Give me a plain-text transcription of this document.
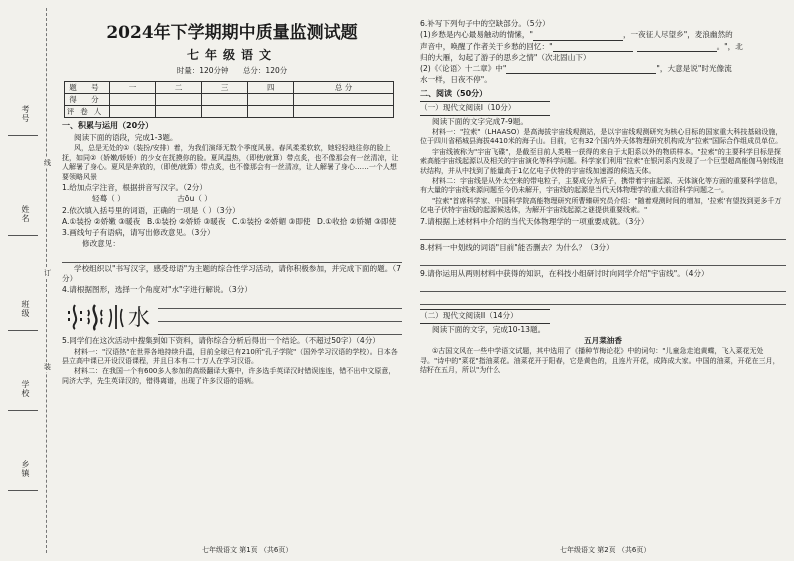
考号
姓名
班级
学校
乡镇
线
订
装
2024年下学期期中质量监测试题
七年级语文
时量：120分钟 总分：120分
题 号	一	二	三	四	总 分
得 分					
评卷人					
一、积累与运用（20分）
阅读下面的语段，完成1-3题。
风，总是无处的①（装扮/安排）着，为我们演绎无数个季度风景。春风柔柔软软，她轻轻地往你的脸上抚，如同②（娇嫩/娇娇）的少女在抚摸你的脸。夏风温热，（即使/就算）带点炙，也不像那会有一丝清凉，让人解暑了身心。夏风是奔放的，（即使/就算）带点炙，也不像那会有一丝清凉，让人解暑了身心……一个人想要领略风景
1.给加点字注音，根据拼音写汉字。（2分）
轻蓦（ ）	古ōu（ ）
2.依次填入括号里的词语，正确的一项是（ ）（3分）
A.①装扮 ②娇嫩 ③暖夜 B.①装扮 ②娇娇 ③暖夜 C.①装扮 ②娇媚 ③即使 D.①收拾 ②娇媚 ③即使
3.画线句子有语病，请写出修改意见。（3分）
修改意见：
学校组织以"书写汉字，感受母语"为主题的综合性学习活动，请你积极参加，并完成下面的题。（7分）
4.请根据图形，选择一个角度对"水"字进行解说。（3分）
水
5.同学们在这次活动中搜集到如下资料，请你综合分析后得出一个结论。（不超过50字）（4分）
材料一："汉语热"在世界各地持续升温，目前全球已有210所"孔子学院"（国外学习汉语的学校）。日本各县立高中课已开设汉语课程，并且日本有二十万人在学习汉语。
材料二：在我国一个有600多人参加的高级翻译大赛中，许多选手英译汉时错误连连，错不出中文原意，同济大学，先生英译汉的，错得离谱，出现了许多汉语的语病。
七年级语文 第1页 （共6页）
6.补写下列句子中的空缺部分。（5分）
(1)乡愁是内心最易触动的情愫，"	，一夜征人尽望乡"，麦浪幽然的
声音中，唤醒了作者关于乡愁的回忆："	。"，北
归的大雁，勾起了游子的思乡之情"（次北固山下）
(2)《〈论语〉十二章》中"	"，大意是说"时光像流
水一样，日夜不停"。
二、阅读（50分）
（一）现代文阅读I（10分）
阅读下面的文字完成7-9题。
材料一："拉索"（LHAASO）是高海拔宇宙线观测站，是以宇宙线观测研究为核心目标的国家重大科技基础设施，位于四川省稻城县海拔4410米的海子山。目前，它有32个国内外天体物理研究机构成为"拉索"国际合作组成员单位。
宇宙线被称为"宇宙飞碟"，是截至目前人类唯一获得的来自于太阳系以外的物质样本。"拉索"的主要科学目标是探索高能宇宙线起源以及相关的宇宙演化等科学问题。科学家们利用"拉索"在银河系内发现了一个巨型超高能伽马射线泡状结构，并从中找到了能量高于1亿亿电子伏特的宇宙线加速源的候选天体。
材料二：宇宙线是从外太空来的带电粒子，主要成分为质子，携带着宇宙起源、天体演化等方面的重要科学信息，有大量的宇宙线来源问题至今仍未解开，宇宙线的起源是当代天体物理学的重大前沿科学问题之一。
"拉索"首席科学家、中国科学院高能物理研究所曹臻研究员介绍："随着观测时间的增加，'拉索'有望找到更多千万亿电子伏特宇宙线的起源候选体，为解开宇宙线起源之谜提供重要线索。"
7.请根据上述材料中介绍的当代天体物理学的一项重要成就。（3分）
8.材料一中划线的词语"目前"能否删去？为什么？（3分）
9.请你运用从两则材料中获得的知识，在科技小组研讨时向同学介绍"宇宙线"。（4分）
（二）现代文阅读II（14分）
阅读下面的文字，完成10-13题。
五月菜油香
①古国文风在一些中学语文试题，其中选用了《播种节梅论花》中的词句："儿童急走追黄蝶，飞入菜花无处寻。"诗中的"菜花"指油菜花。油菜花开于阳春，它是黄色的，且连片开花，成阵成大家。中国的油菜，开花在三月，结籽在五月，所以"为什么
七年级语文 第2页 （共6页）
